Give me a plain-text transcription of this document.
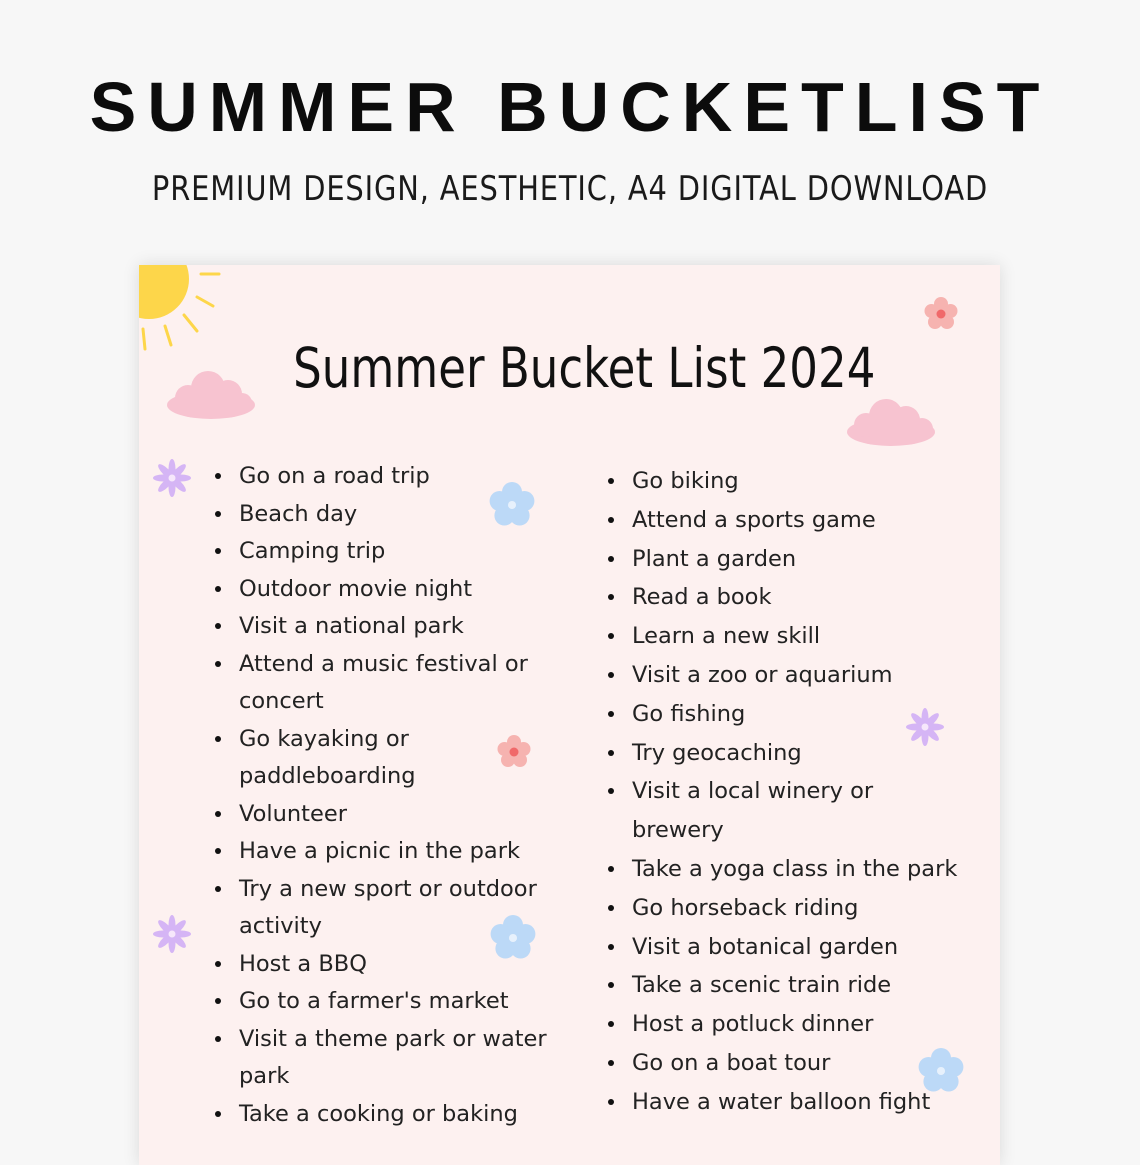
SUMMER BUCKETLIST
PREMIUM DESIGN, AESTHETIC, A4 DIGITAL DOWNLOAD
Summer Bucket List 2024
Go on a road trip
Beach day
Camping trip
Outdoor movie night
Visit a national park
Attend a music festival or concert
Go kayaking or paddleboarding
Volunteer
Have a picnic in the park
Try a new sport or outdoor activity
Host a BBQ
Go to a farmer's market
Visit a theme park or water park
Take a cooking or baking
Go biking
Attend a sports game
Plant a garden
Read a book
Learn a new skill
Visit a zoo or aquarium
Go fishing
Try geocaching
Visit a local winery or brewery
Take a yoga class in the park
Go horseback riding
Visit a botanical garden
Take a scenic train ride
Host a potluck dinner
Go on a boat tour
Have a water balloon fight
